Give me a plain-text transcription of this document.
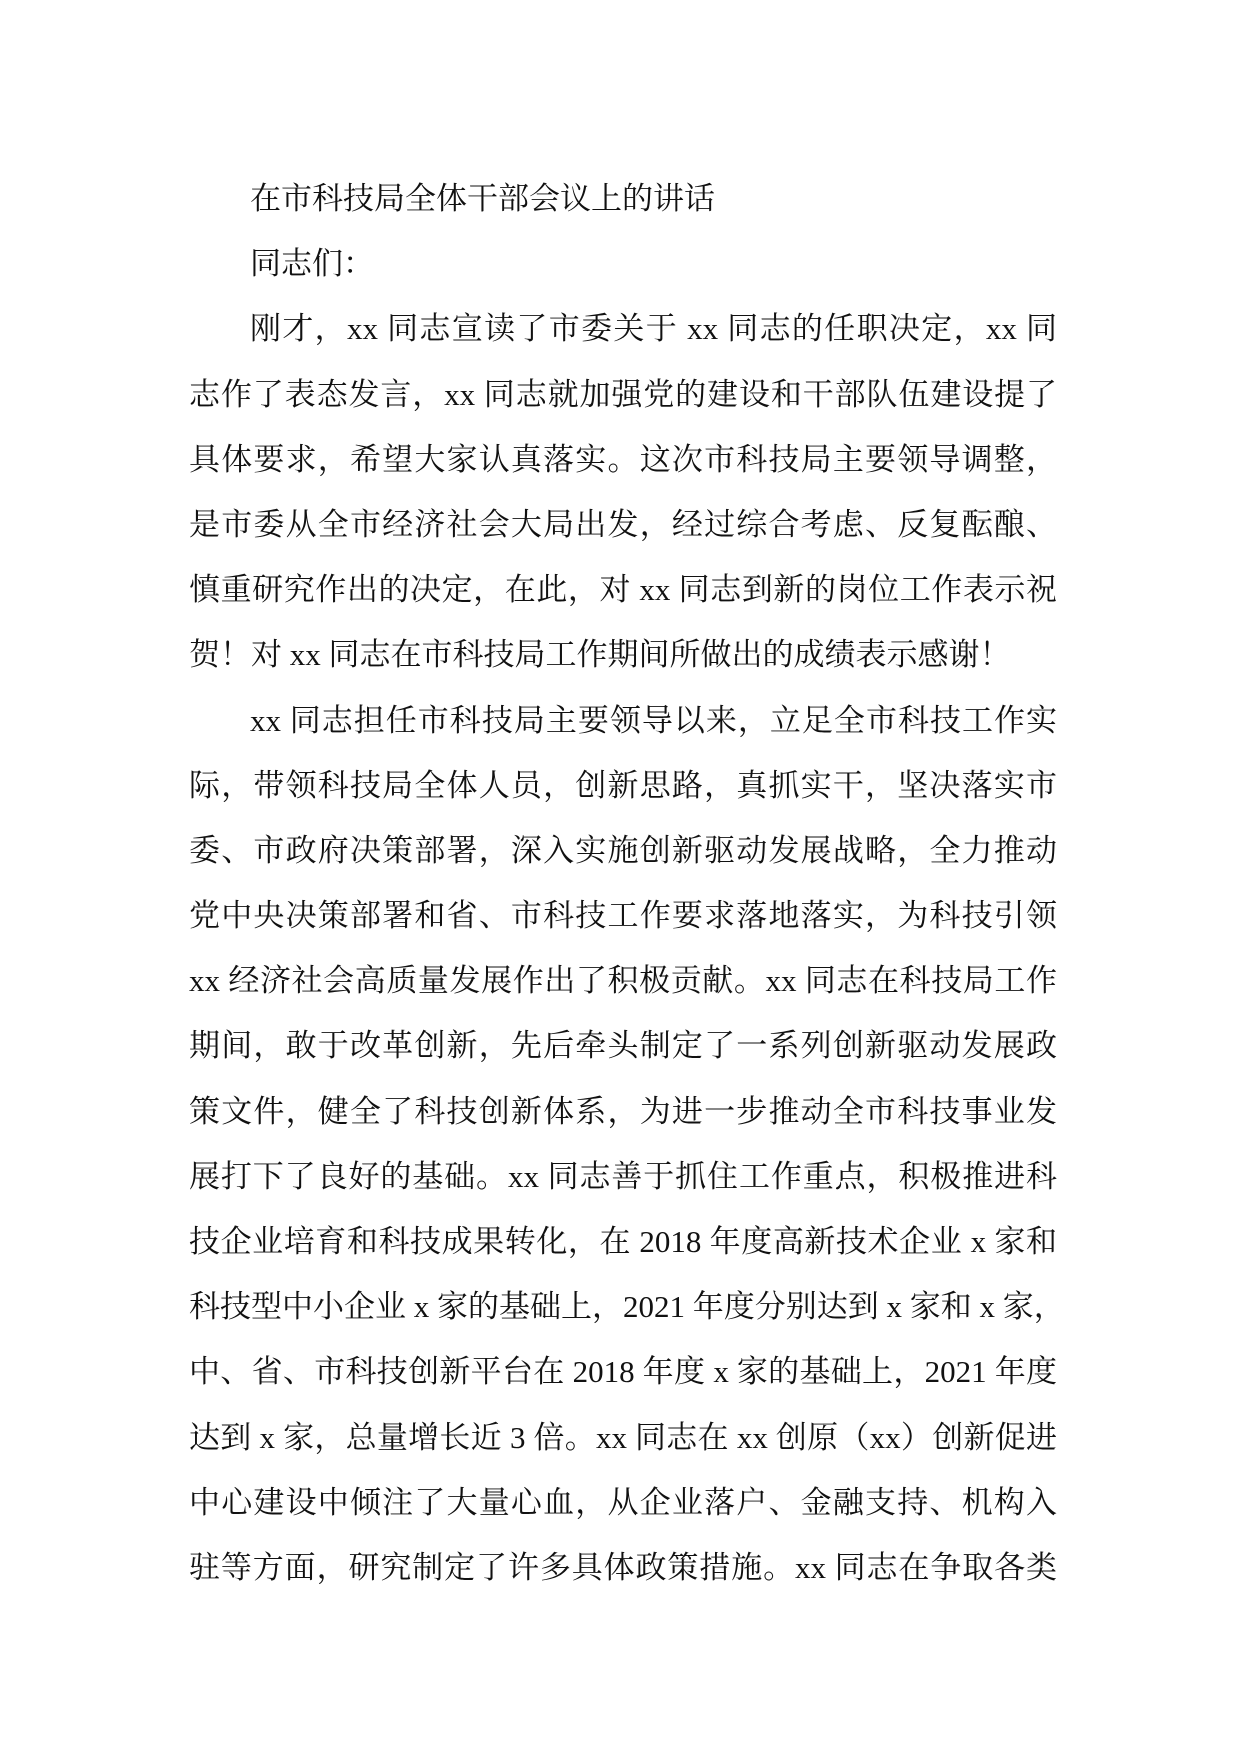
在市科技局全体干部会议上的讲话
同志们：
刚才，xx 同志宣读了市委关于 xx 同志的任职决定，xx 同
志作了表态发言，xx 同志就加强党的建设和干部队伍建设提了
具体要求，希望大家认真落实。这次市科技局主要领导调整，
是市委从全市经济社会大局出发，经过综合考虑、反复酝酿、
慎重研究作出的决定，在此，对 xx 同志到新的岗位工作表示祝
贺！对 xx 同志在市科技局工作期间所做出的成绩表示感谢！
xx 同志担任市科技局主要领导以来，立足全市科技工作实
际，带领科技局全体人员，创新思路，真抓实干，坚决落实市
委、市政府决策部署，深入实施创新驱动发展战略，全力推动
党中央决策部署和省、市科技工作要求落地落实，为科技引领
xx 经济社会高质量发展作出了积极贡献。xx 同志在科技局工作
期间，敢于改革创新，先后牵头制定了一系列创新驱动发展政
策文件，健全了科技创新体系，为进一步推动全市科技事业发
展打下了良好的基础。xx 同志善于抓住工作重点，积极推进科
技企业培育和科技成果转化，在 2018 年度高新技术企业 x 家和
科技型中小企业 x 家的基础上，2021 年度分别达到 x 家和 x 家，
中、省、市科技创新平台在 2018 年度 x 家的基础上，2021 年度
达到 x 家，总量增长近 3 倍。xx 同志在 xx 创原（xx）创新促进
中心建设中倾注了大量心血，从企业落户、金融支持、机构入
驻等方面，研究制定了许多具体政策措施。xx 同志在争取各类
